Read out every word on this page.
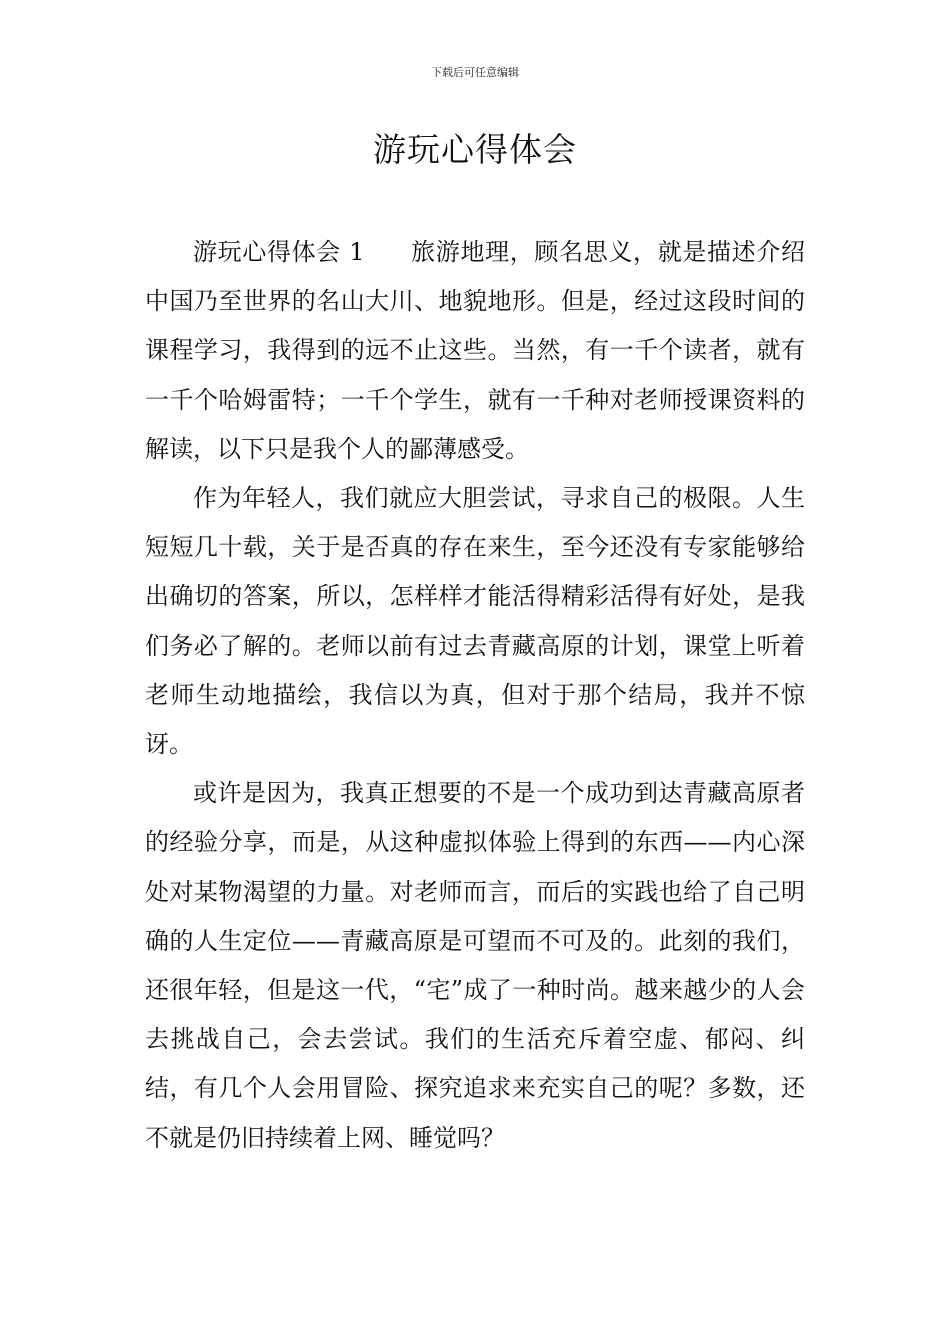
下载后可任意编辑
游玩心得体会

游玩心得体会 1 旅游地理，顾名思义，就是描述介绍中国乃至世界的名山大川、地貌地形。但是，经过这段时间的课程学习，我得到的远不止这些。当然，有一千个读者，就有一千个哈姆雷特；一千个学生，就有一千种对老师授课资料的解读，以下只是我个人的鄙薄感受。

作为年轻人，我们就应大胆尝试，寻求自己的极限。人生短短几十载，关于是否真的存在来生，至今还没有专家能够给出确切的答案，所以，怎样样才能活得精彩活得有好处，是我们务必了解的。老师以前有过去青藏高原的计划，课堂上听着老师生动地描绘，我信以为真，但对于那个结局，我并不惊讶。

或许是因为，我真正想要的不是一个成功到达青藏高原者的经验分享，而是，从这种虚拟体验上得到的东西——内心深处对某物渴望的力量。对老师而言，而后的实践也给了自己明确的人生定位——青藏高原是可望而不可及的。此刻的我们，还很年轻，但是这一代，“宅”成了一种时尚。越来越少的人会去挑战自己，会去尝试。我们的生活充斥着空虚、郁闷、纠结，有几个人会用冒险、探究追求来充实自己的呢？多数，还不就是仍旧持续着上网、睡觉吗？
